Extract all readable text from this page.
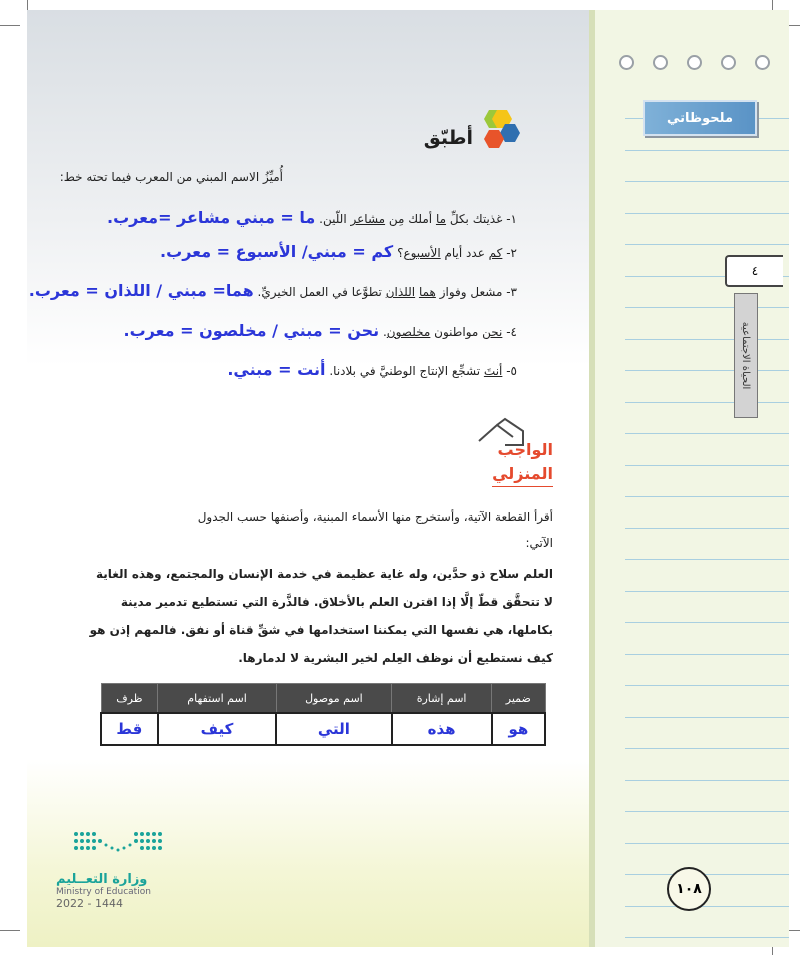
أطبّق
أُميِّزُ الاسم المبني من المعرب فيما تحته خط:
١- غذيتك بكلِّ ما أملك مِن مشاعر اللّين. ما = مبني مشاعر =معرب.
٢- كم عدد أيام الأسبوع؟ كم = مبني/ الأسبوع = معرب.
٣- مشعل وفواز هما اللذان تطوَّعا في العمل الخيريِّ. هما= مبني / اللذان = معرب.
٤- نحن مواطنون مخلصون. نحن = مبني / مخلصون = معرب.
٥- أنتَ تشجِّع الإنتاج الوطنيَّ في بلادنا. أنت = مبني.
الواجب
المنزلي
أقرأ القطعة الآتية، وأستخرج منها الأسماء المبنية، وأصنفها حسب الجدول
الآتي:
العلم سلاح ذو حدَّين، وله غاية عظيمة في خدمة الإنسان والمجتمع، وهذه الغاية
لا تتحقَّق قطّ إلَّا إذا اقترن العلم بالأخلاق. فالذَّرة التي تستطيع تدمير مدينة
بكاملها، هي نفسها التي يمكننا استخدامها في شقِّ قناة أو نفق. فالمهم إذن هو
كيف نستطيع أن نوظف العِلم لخير البشرية لا لدمارها.
وزارة التعــليم
Ministry of Education
2022 - 1444
ضمير	اسم إشارة	اسم موصول	اسم استفهام	ظرف
هو	هذه	التي	كيف	قط
ملحوظاتي
٤
الحياة الاجتماعية
١٠٨
